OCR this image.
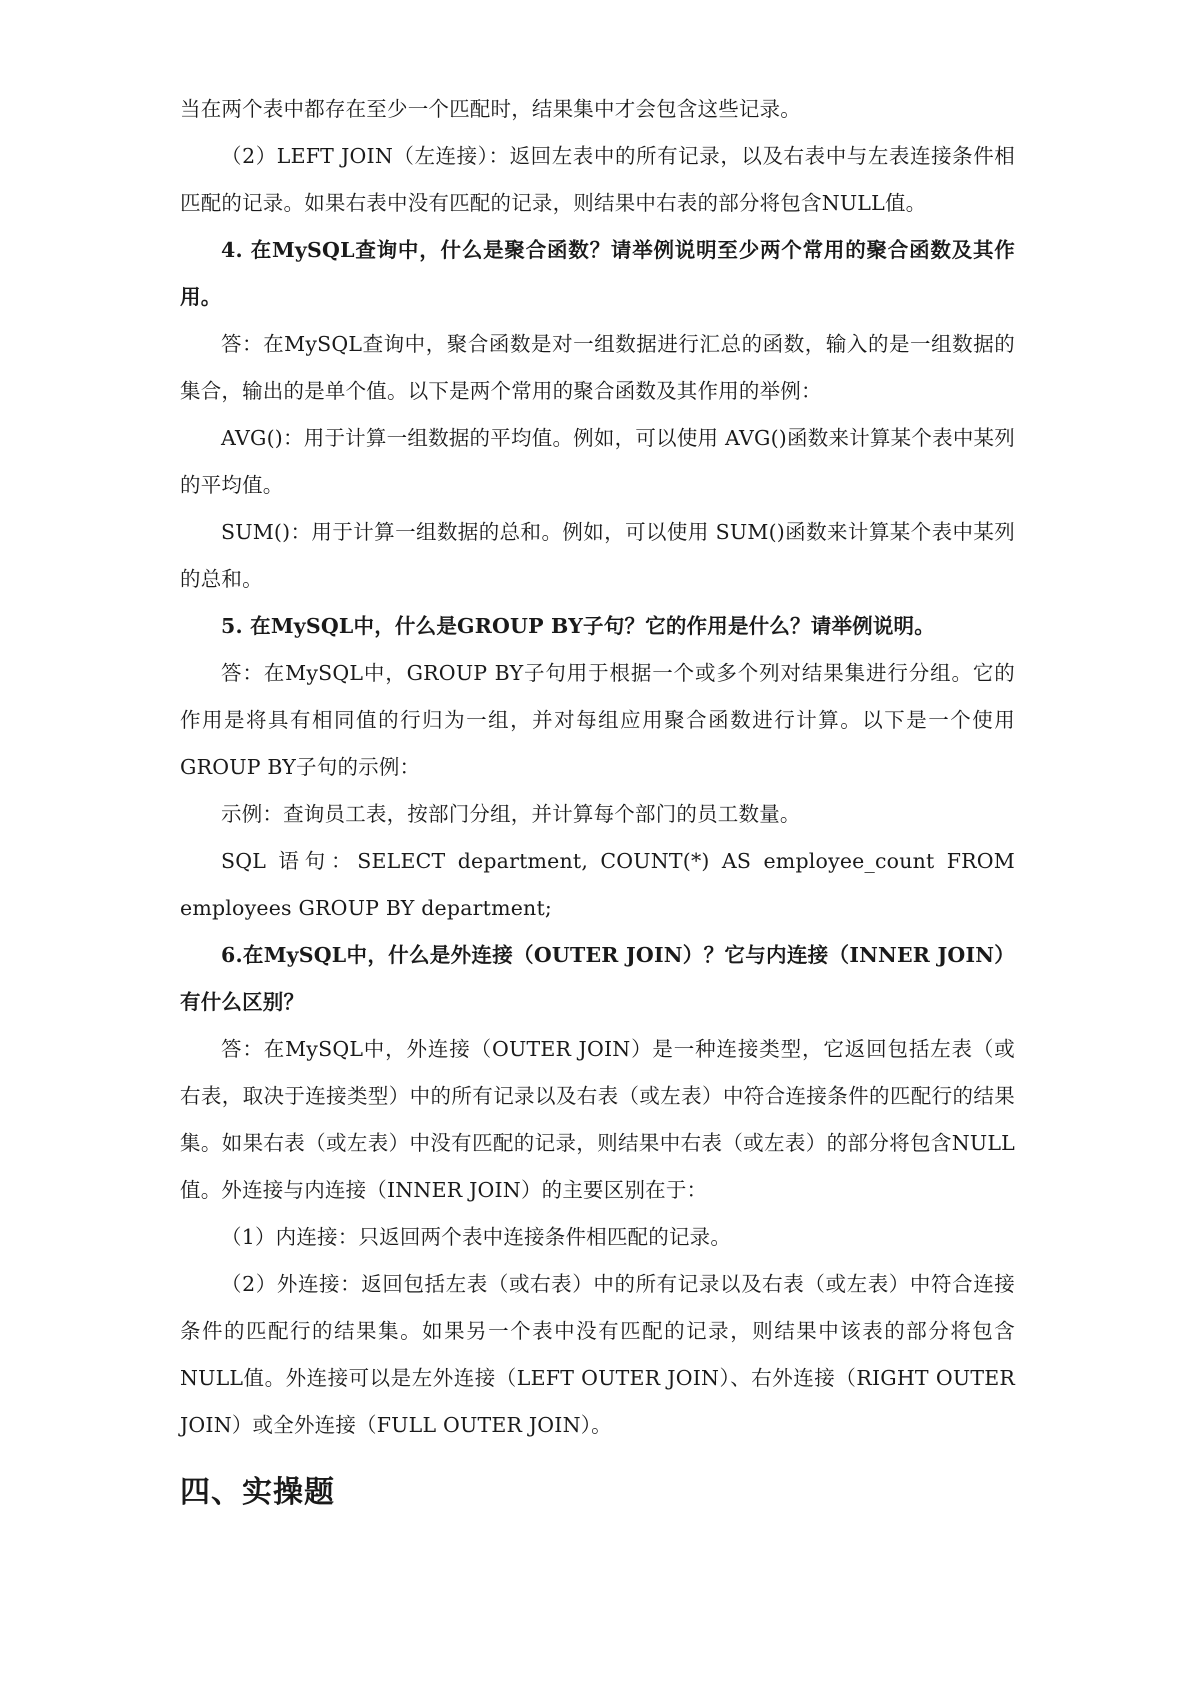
当在两个表中都存在至少一个匹配时，结果集中才会包含这些记录。

（2）LEFT JOIN（左连接）：返回左表中的所有记录，以及右表中与左表连接条件相匹配的记录。如果右表中没有匹配的记录，则结果中右表的部分将包含NULL值。

4. 在MySQL查询中，什么是聚合函数？请举例说明至少两个常用的聚合函数及其作用。

答：在MySQL查询中，聚合函数是对一组数据进行汇总的函数，输入的是一组数据的集合，输出的是单个值。以下是两个常用的聚合函数及其作用的举例：

AVG()：用于计算一组数据的平均值。例如，可以使用 AVG()函数来计算某个表中某列的平均值。

SUM()：用于计算一组数据的总和。例如，可以使用 SUM()函数来计算某个表中某列的总和。

5. 在MySQL中，什么是GROUP BY子句？它的作用是什么？请举例说明。

答：在MySQL中，GROUP BY子句用于根据一个或多个列对结果集进行分组。它的作用是将具有相同值的行归为一组，并对每组应用聚合函数进行计算。以下是一个使用GROUP BY子句的示例：

示例：查询员工表，按部门分组，并计算每个部门的员工数量。

SQL 语句：SELECT department, COUNT(*) AS employee_count FROM

employees GROUP BY department;

6.在MySQL中，什么是外连接（OUTER JOIN）？它与内连接（INNER JOIN）有什么区别？

答：在MySQL中，外连接（OUTER JOIN）是一种连接类型，它返回包括左表（或右表，取决于连接类型）中的所有记录以及右表（或左表）中符合连接条件的匹配行的结果集。如果右表（或左表）中没有匹配的记录，则结果中右表（或左表）的部分将包含NULL值。外连接与内连接（INNER JOIN）的主要区别在于：

（1）内连接：只返回两个表中连接条件相匹配的记录。

（2）外连接：返回包括左表（或右表）中的所有记录以及右表（或左表）中符合连接条件的匹配行的结果集。如果另一个表中没有匹配的记录，则结果中该表的部分将包含NULL值。外连接可以是左外连接（LEFT OUTER JOIN）、右外连接（RIGHT OUTER JOIN）或全外连接（FULL OUTER JOIN）。

四、实操题
